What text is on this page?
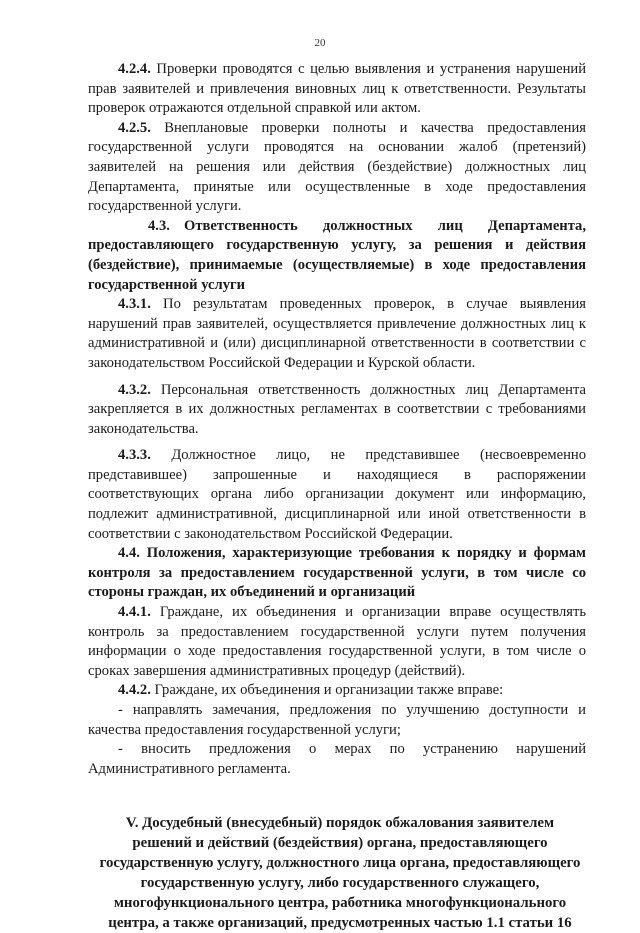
20

4.2.4. Проверки проводятся с целью выявления и устранения нарушений прав заявителей и привлечения виновных лиц к ответственности. Результаты проверок отражаются отдельной справкой или актом.

4.2.5. Внеплановые проверки полноты и качества предоставления государственной услуги проводятся на основании жалоб (претензий) заявителей на решения или действия (бездействие) должностных лиц Департамента, принятые или осуществленные в ходе предоставления государственной услуги.

4.3. Ответственность должностных лиц Департамента, предоставляющего государственную услугу, за решения и действия (бездействие), принимаемые (осуществляемые) в ходе предоставления государственной услуги

4.3.1. По результатам проведенных проверок, в случае выявления нарушений прав заявителей, осуществляется привлечение должностных лиц к административной и (или) дисциплинарной ответственности в соответствии с законодательством Российской Федерации и Курской области.

4.3.2. Персональная ответственность должностных лиц Департамента закрепляется в их должностных регламентах в соответствии с требованиями законодательства.

4.3.3. Должностное лицо, не представившее (несвоевременно представившее) запрошенные и находящиеся в распоряжении соответствующих органа либо организации документ или информацию, подлежит административной, дисциплинарной или иной ответственности в соответствии с законодательством Российской Федерации.

4.4. Положения, характеризующие требования к порядку и формам контроля за предоставлением государственной услуги, в том числе со стороны граждан, их объединений и организаций

4.4.1. Граждане, их объединения и организации вправе осуществлять контроль за предоставлением государственной услуги путем получения информации о ходе предоставления государственной услуги, в том числе о сроках завершения административных процедур (действий).

4.4.2. Граждане, их объединения и организации также вправе:

- направлять замечания, предложения по улучшению доступности и качества предоставления государственной услуги;

- вносить предложения о мерах по устранению нарушений Административного регламента.

V. Досудебный (внесудебный) порядок обжалования заявителем
решений и действий (бездействия) органа, предоставляющего
государственную услугу, должностного лица органа, предоставляющего
государственную услугу, либо государственного служащего,
многофункционального центра, работника многофункционального
центра, а также организаций, предусмотренных частью 1.1 статьи 16
